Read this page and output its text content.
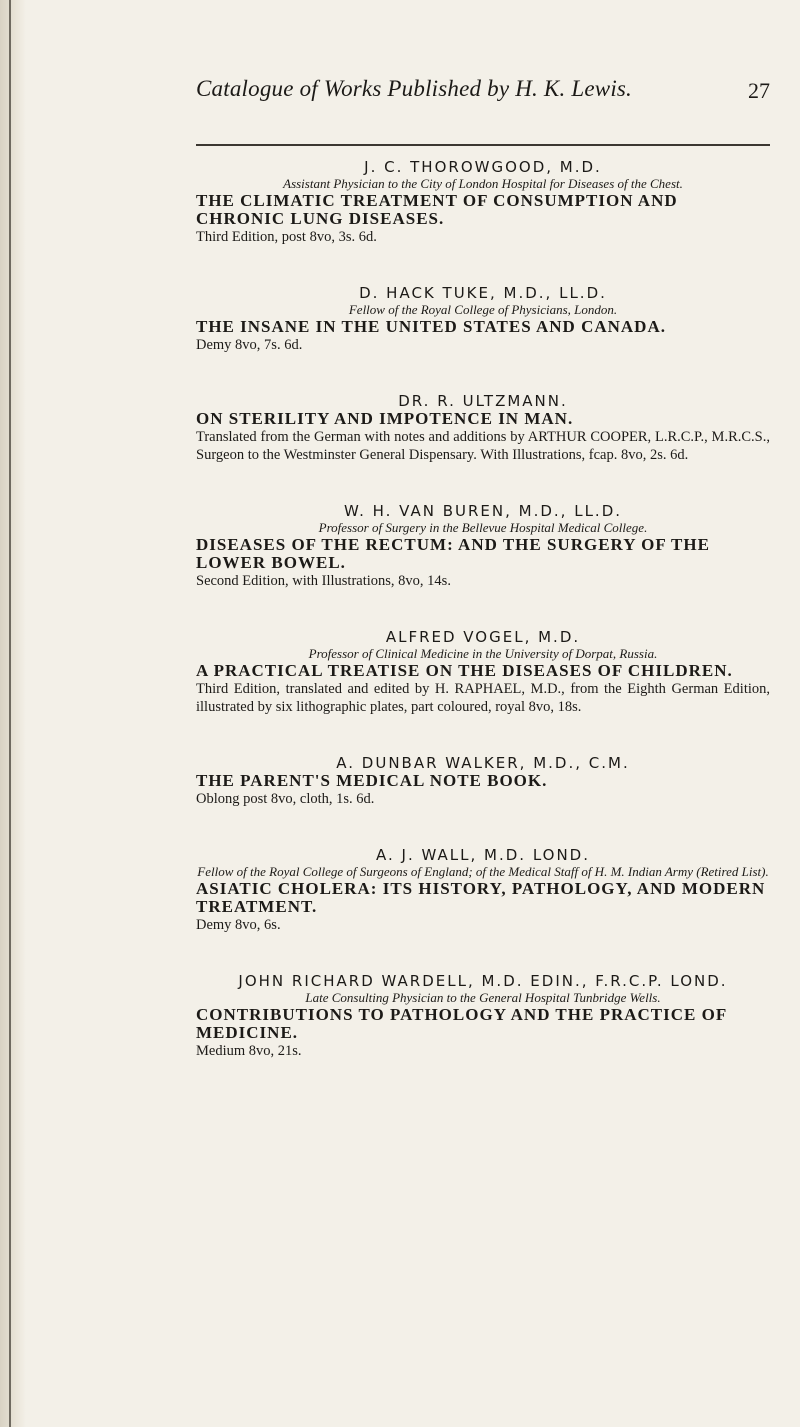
Catalogue of Works Published by H. K. Lewis.	27
J. C. THOROWGOOD, M.D.
Assistant Physician to the City of London Hospital for Diseases of the Chest.
THE CLIMATIC TREATMENT OF CONSUMPTION AND CHRONIC LUNG DISEASES.
Third Edition, post 8vo, 3s. 6d.
D. HACK TUKE, M.D., LL.D.
Fellow of the Royal College of Physicians, London.
THE INSANE IN THE UNITED STATES AND CANADA.
Demy 8vo, 7s. 6d.
DR. R. ULTZMANN.
ON STERILITY AND IMPOTENCE IN MAN.
Translated from the German with notes and additions by ARTHUR COOPER, L.R.C.P., M.R.C.S., Surgeon to the Westminster General Dispensary. With Illustrations, fcap. 8vo, 2s. 6d.
W. H. VAN BUREN, M.D., LL.D.
Professor of Surgery in the Bellevue Hospital Medical College.
DISEASES OF THE RECTUM: AND THE SURGERY OF THE LOWER BOWEL.
Second Edition, with Illustrations, 8vo, 14s.
ALFRED VOGEL, M.D.
Professor of Clinical Medicine in the University of Dorpat, Russia.
A PRACTICAL TREATISE ON THE DISEASES OF CHILDREN.
Third Edition, translated and edited by H. RAPHAEL, M.D., from the Eighth German Edition, illustrated by six lithographic plates, part coloured, royal 8vo, 18s.
A. DUNBAR WALKER, M.D., C.M.
THE PARENT'S MEDICAL NOTE BOOK.
Oblong post 8vo, cloth, 1s. 6d.
A. J. WALL, M.D. LOND.
Fellow of the Royal College of Surgeons of England; of the Medical Staff of H. M. Indian Army (Retired List).
ASIATIC CHOLERA: ITS HISTORY, PATHOLOGY, AND MODERN TREATMENT.
Demy 8vo, 6s.
JOHN RICHARD WARDELL, M.D. EDIN., F.R.C.P. LOND.
Late Consulting Physician to the General Hospital Tunbridge Wells.
CONTRIBUTIONS TO PATHOLOGY AND THE PRACTICE OF MEDICINE.
Medium 8vo, 21s.
